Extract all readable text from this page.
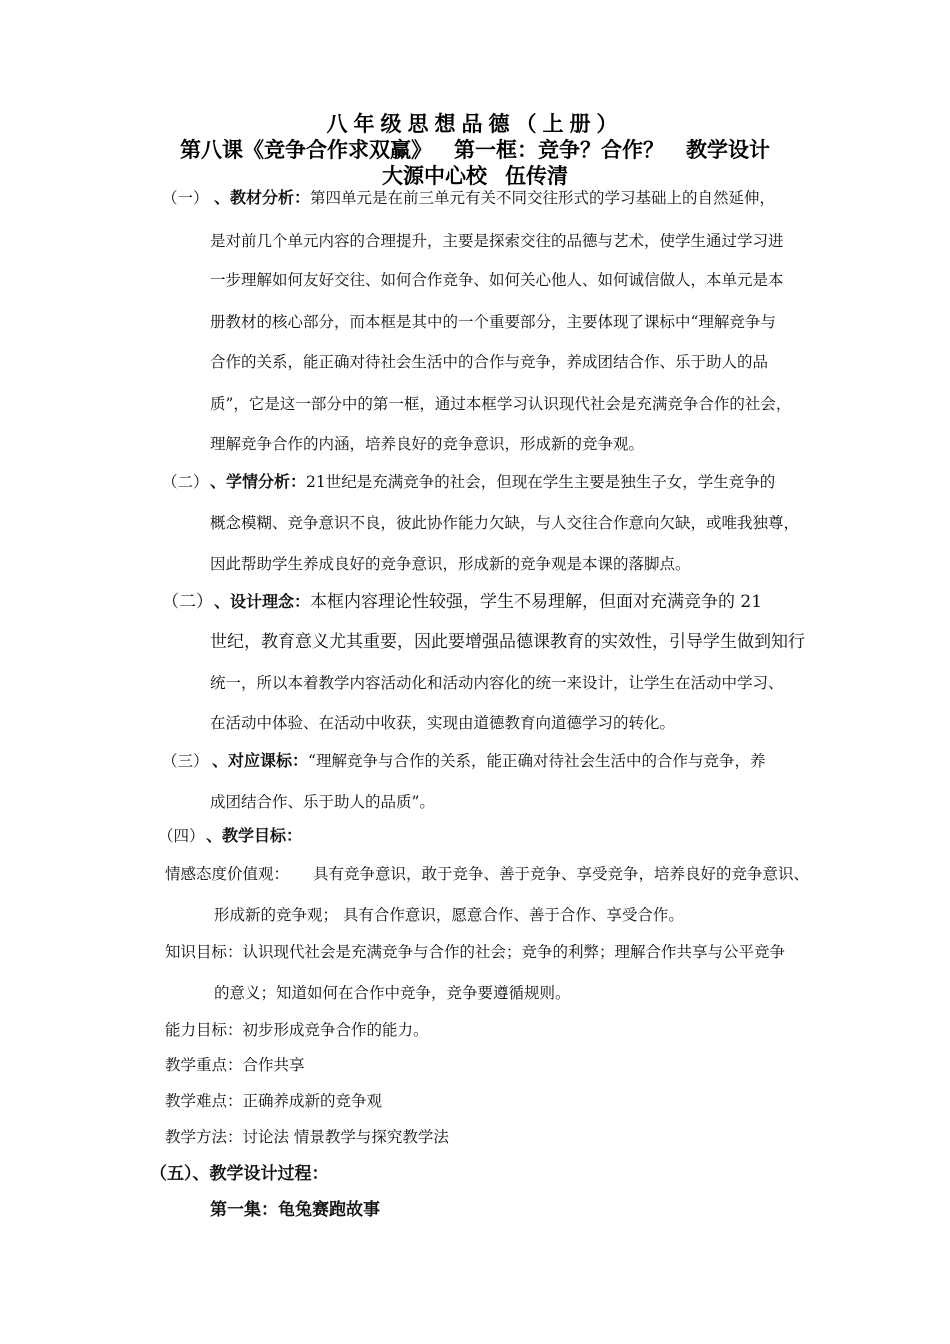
八年级思想品德（上册）
第八课《竞争合作求双赢》 第一框：竞争？合作？ 教学设计
大源中心校 伍传清
（一） 、教材分析：第四单元是在前三单元有关不同交往形式的学习基础上的自然延伸，
是对前几个单元内容的合理提升，主要是探索交往的品德与艺术，使学生通过学习进
一步理解如何友好交往、如何合作竞争、如何关心他人、如何诚信做人，本单元是本
册教材的核心部分，而本框是其中的一个重要部分，主要体现了课标中“理解竞争与
合作的关系，能正确对待社会生活中的合作与竞争，养成团结合作、乐于助人的品
质”，它是这一部分中的第一框，通过本框学习认识现代社会是充满竞争合作的社会，
理解竞争合作的内涵，培养良好的竞争意识，形成新的竞争观。
（二）、学情分析：21世纪是充满竞争的社会，但现在学生主要是独生子女，学生竞争的
概念模糊、竞争意识不良，彼此协作能力欠缺，与人交往合作意向欠缺，或唯我独尊，
因此帮助学生养成良好的竞争意识，形成新的竞争观是本课的落脚点。
（二）、设计理念：本框内容理论性较强，学生不易理解，但面对充满竞争的 21
世纪，教育意义尤其重要，因此要增强品德课教育的实效性，引导学生做到知行
统一，所以本着教学内容活动化和活动内容化的统一来设计，让学生在活动中学习、
在活动中体验、在活动中收获，实现由道德教育向道德学习的转化。
（三） 、对应课标：“理解竞争与合作的关系，能正确对待社会生活中的合作与竞争，养
成团结合作、乐于助人的品质”。
（四）、教学目标：
情感态度价值观： 具有竞争意识，敢于竞争、善于竞争、享受竞争，培养良好的竞争意识、
形成新的竞争观； 具有合作意识，愿意合作、善于合作、享受合作。
知识目标：认识现代社会是充满竞争与合作的社会；竞争的利弊；理解合作共享与公平竞争
的意义；知道如何在合作中竞争，竞争要遵循规则。
能力目标：初步形成竞争合作的能力。
教学重点：合作共享
教学难点：正确养成新的竞争观
教学方法：讨论法 情景教学与探究教学法
（五）、教学设计过程：
第一集：龟兔赛跑故事
